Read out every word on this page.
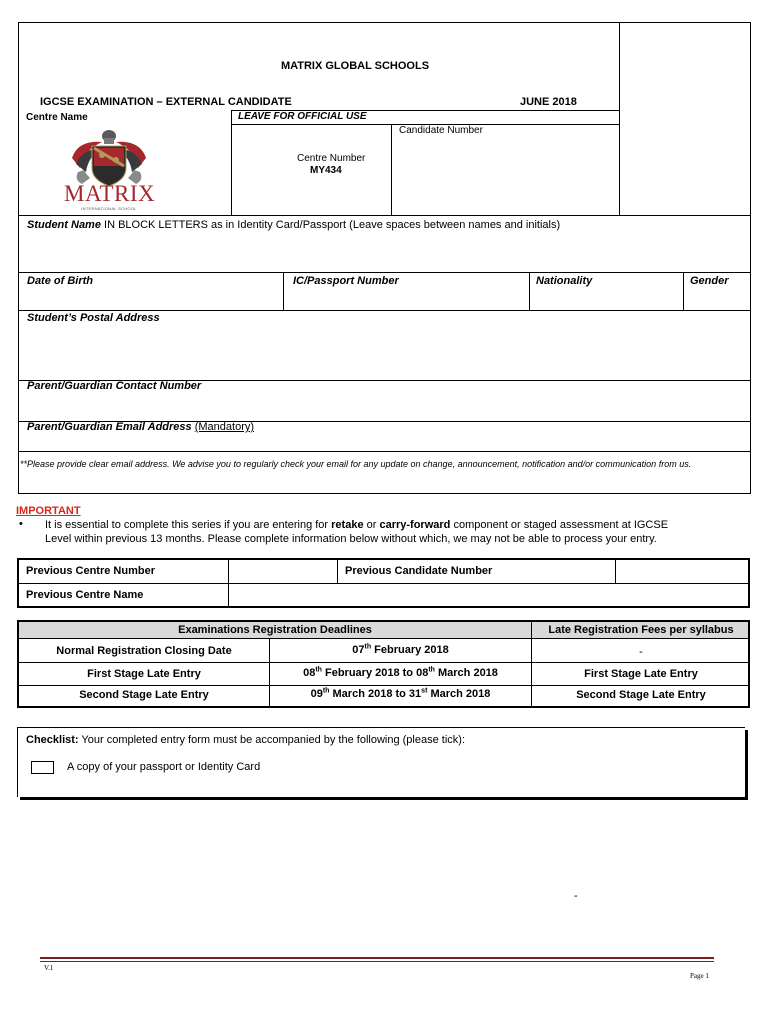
MATRIX GLOBAL SCHOOLS
IGCSE EXAMINATION – EXTERNAL CANDIDATE	JUNE 2018
Centre Name	LEAVE FOR OFFICIAL USE
Candidate Number
Centre Number
MY434
MATRIX
INTERNATIONAL SCHOOL
Student Name IN BLOCK LETTERS as in Identity Card/Passport (Leave spaces between names and initials)
Date of Birth	IC/Passport Number	Nationality	Gender
Student’s Postal Address
Parent/Guardian Contact Number
Parent/Guardian Email Address (Mandatory)
**Please provide clear email address. We advise you to regularly check your email for any update on change, announcement, notification and/or communication from us.
IMPORTANT
• It is essential to complete this series if you are entering for retake or carry-forward component or staged assessment at IGCSE
Level within previous 13 months. Please complete information below without which, we may not be able to process your entry.
Previous Centre Number	Previous Candidate Number
Previous Centre Name
Examinations Registration Deadlines	Late Registration Fees per syllabus
Normal Registration Closing Date	07th February 2018	-
First Stage Late Entry	08th February 2018 to 08th March 2018	First Stage Late Entry
Second Stage Late Entry	09th March 2018 to 31st March 2018	Second Stage Late Entry
Checklist: Your completed entry form must be accompanied by the following (please tick):
A copy of your passport or Identity Card
-
V.1
Page 1
